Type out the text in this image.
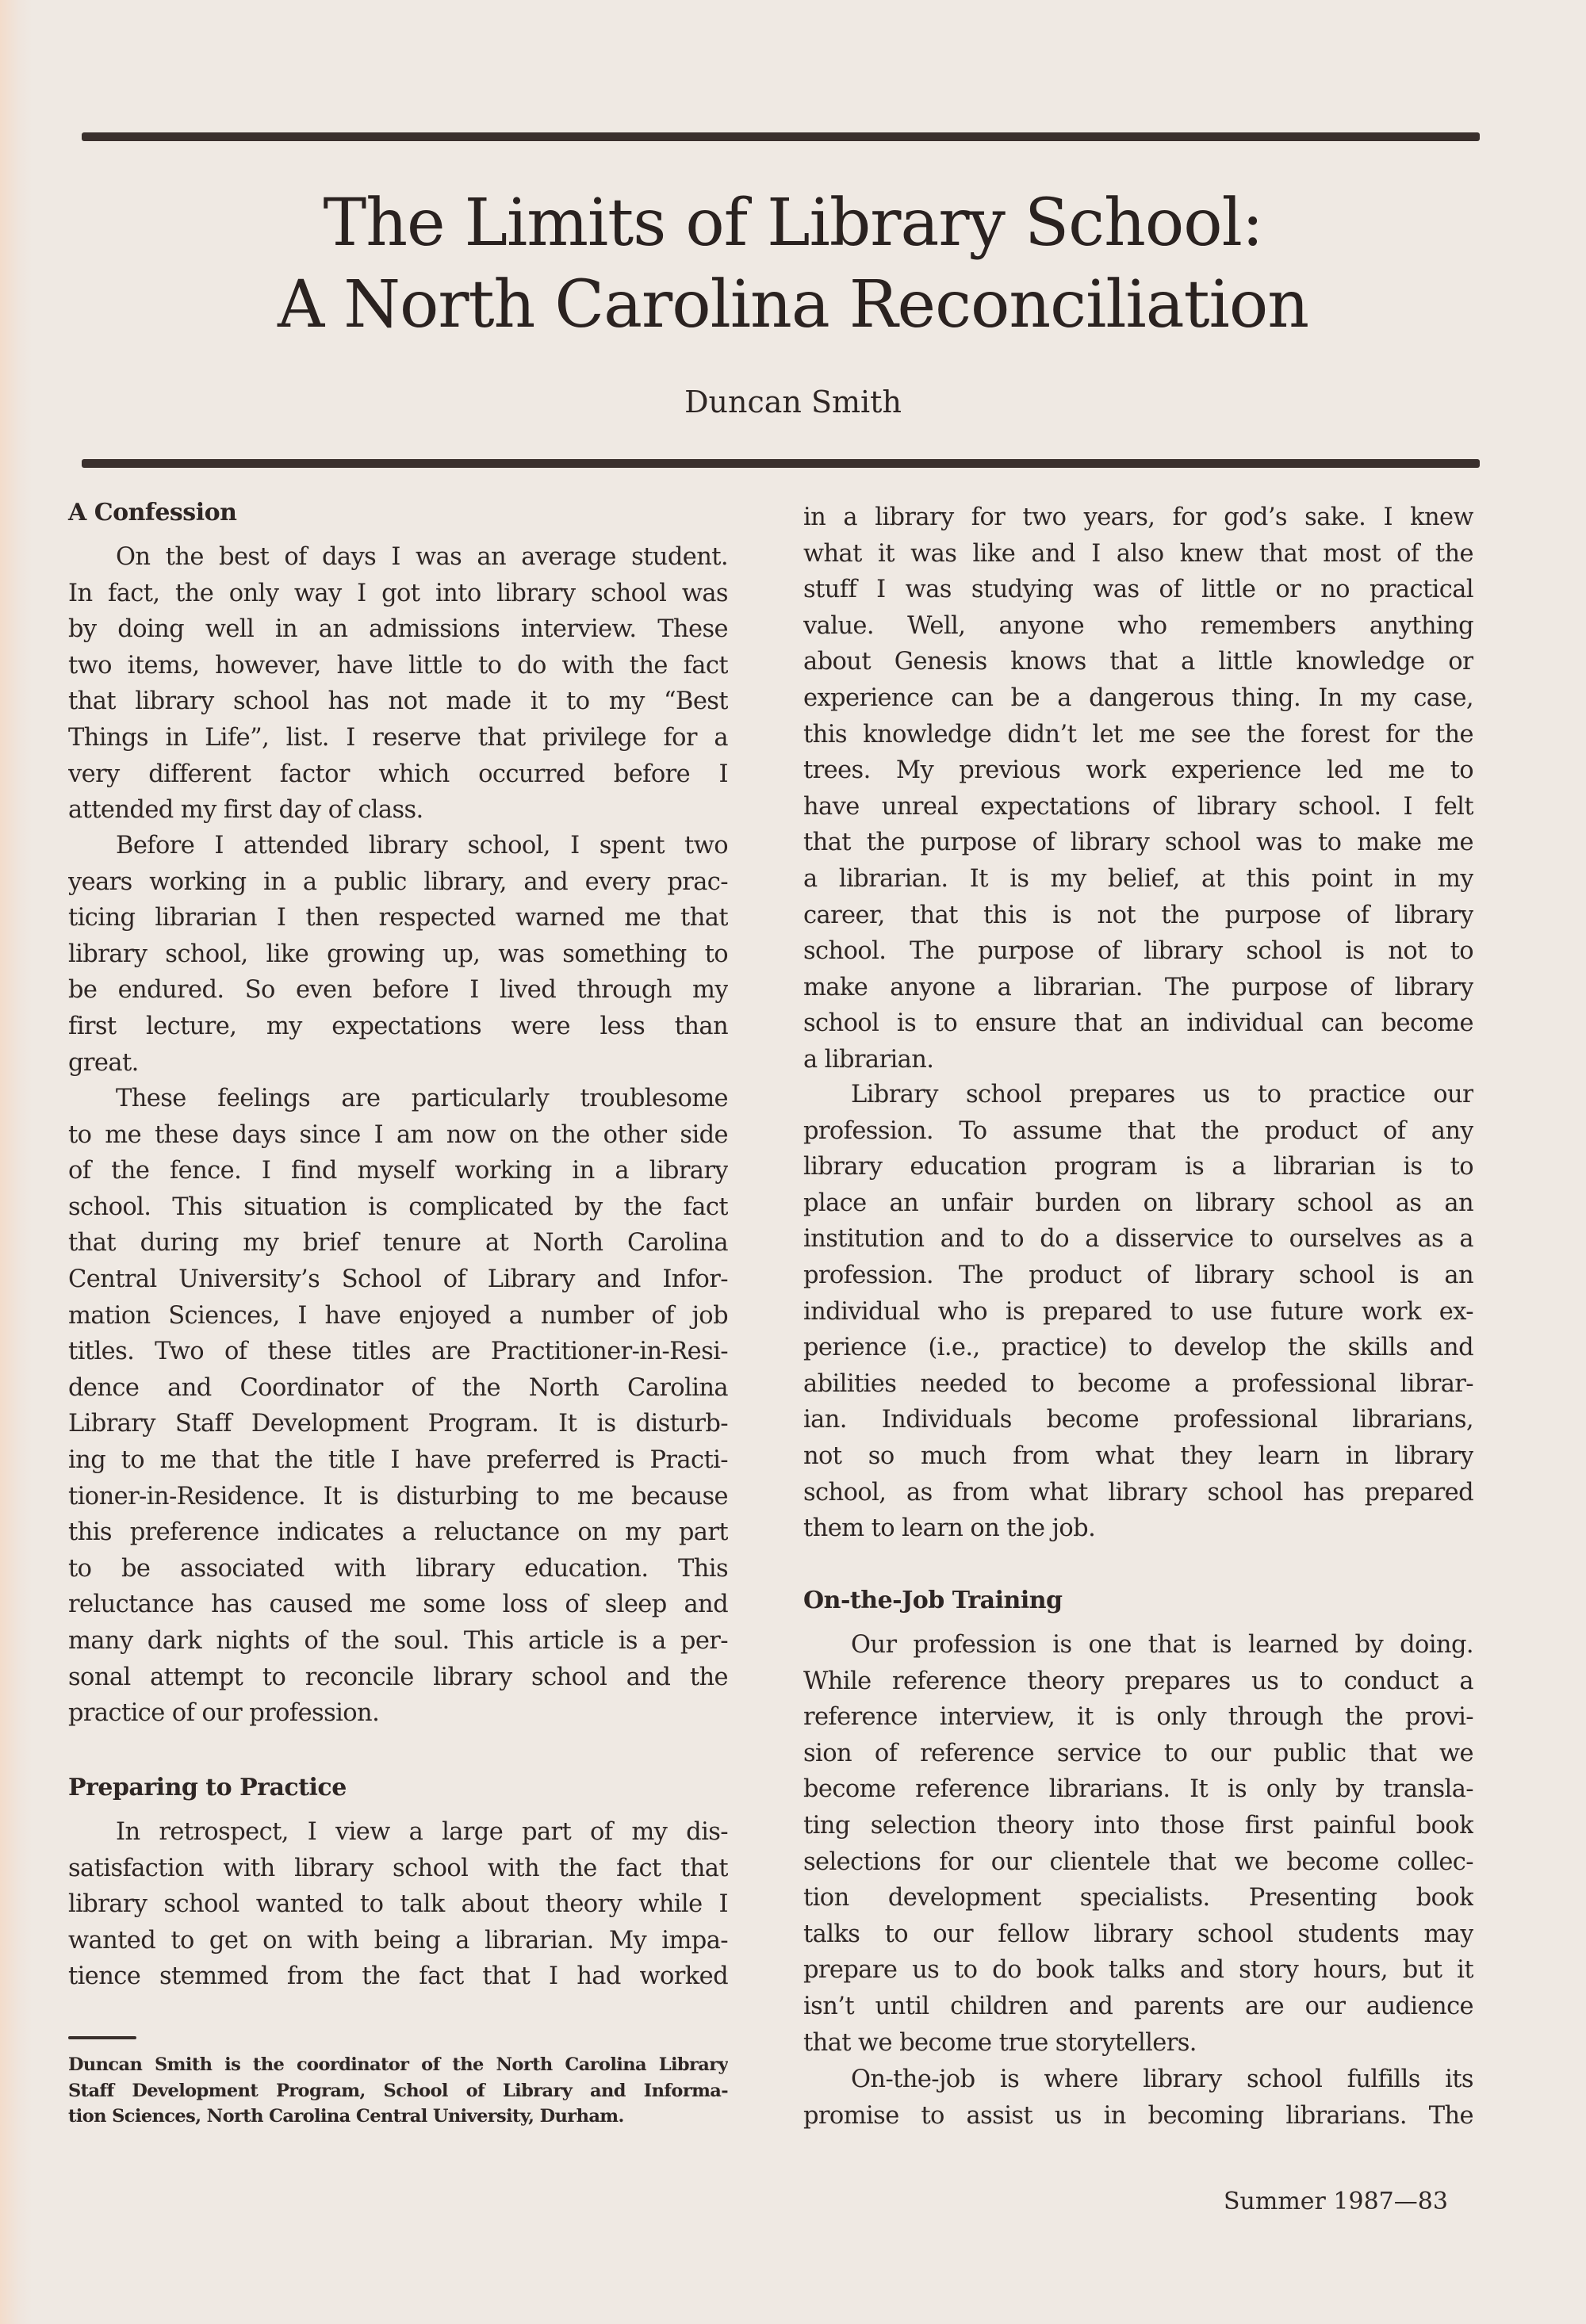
The Limits of Library School:
A North Carolina Reconciliation
Duncan Smith
A Confession
Preparing to Practice
On the best of days I was an average student.
In fact, the only way I got into library school was
by doing well in an admissions interview. These
two items, however, have little to do with the fact
that library school has not made it to my “Best
Things in Life”, list. I reserve that privilege for a
very different factor which occurred before I
attended my first day of class.
Before I attended library school, I spent two
years working in a public library, and every prac-
ticing librarian I then respected warned me that
library school, like growing up, was something to
be endured. So even before I lived through my
first lecture, my expectations were less than
great.
These feelings are particularly troublesome
to me these days since I am now on the other side
of the fence. I find myself working in a library
school. This situation is complicated by the fact
that during my brief tenure at North Carolina
Central University’s School of Library and Infor-
mation Sciences, I have enjoyed a number of job
titles. Two of these titles are Practitioner-in-Resi-
dence and Coordinator of the North Carolina
Library Staff Development Program. It is disturb-
ing to me that the title I have preferred is Practi-
tioner-in-Residence. It is disturbing to me because
this preference indicates a reluctance on my part
to be associated with library education. This
reluctance has caused me some loss of sleep and
many dark nights of the soul. This article is a per-
sonal attempt to reconcile library school and the
practice of our profession.
In retrospect, I view a large part of my dis-
satisfaction with library school with the fact that
library school wanted to talk about theory while I
wanted to get on with being a librarian. My impa-
tience stemmed from the fact that I had worked
Duncan Smith is the coordinator of the North Carolina Library
Staff Development Program, School of Library and Informa-
tion Sciences, North Carolina Central University, Durham.
On-the-Job Training
in a library for two years, for god’s sake. I knew
what it was like and I also knew that most of the
stuff I was studying was of little or no practical
value. Well, anyone who remembers anything
about Genesis knows that a little knowledge or
experience can be a dangerous thing. In my case,
this knowledge didn’t let me see the forest for the
trees. My previous work experience led me to
have unreal expectations of library school. I felt
that the purpose of library school was to make me
a librarian. It is my belief, at this point in my
career, that this is not the purpose of library
school. The purpose of library school is not to
make anyone a librarian. The purpose of library
school is to ensure that an individual can become
a librarian.
Library school prepares us to practice our
profession. To assume that the product of any
library education program is a librarian is to
place an unfair burden on library school as an
institution and to do a disservice to ourselves as a
profession. The product of library school is an
individual who is prepared to use future work ex-
perience (i.e., practice) to develop the skills and
abilities needed to become a professional librar-
ian. Individuals become professional librarians,
not so much from what they learn in library
school, as from what library school has prepared
them to learn on the job.
Our profession is one that is learned by doing.
While reference theory prepares us to conduct a
reference interview, it is only through the provi-
sion of reference service to our public that we
become reference librarians. It is only by transla-
ting selection theory into those first painful book
selections for our clientele that we become collec-
tion development specialists. Presenting book
talks to our fellow library school students may
prepare us to do book talks and story hours, but it
isn’t until children and parents are our audience
that we become true storytellers.
On-the-job is where library school fulfills its
promise to assist us in becoming librarians. The
Summer 1987—83
